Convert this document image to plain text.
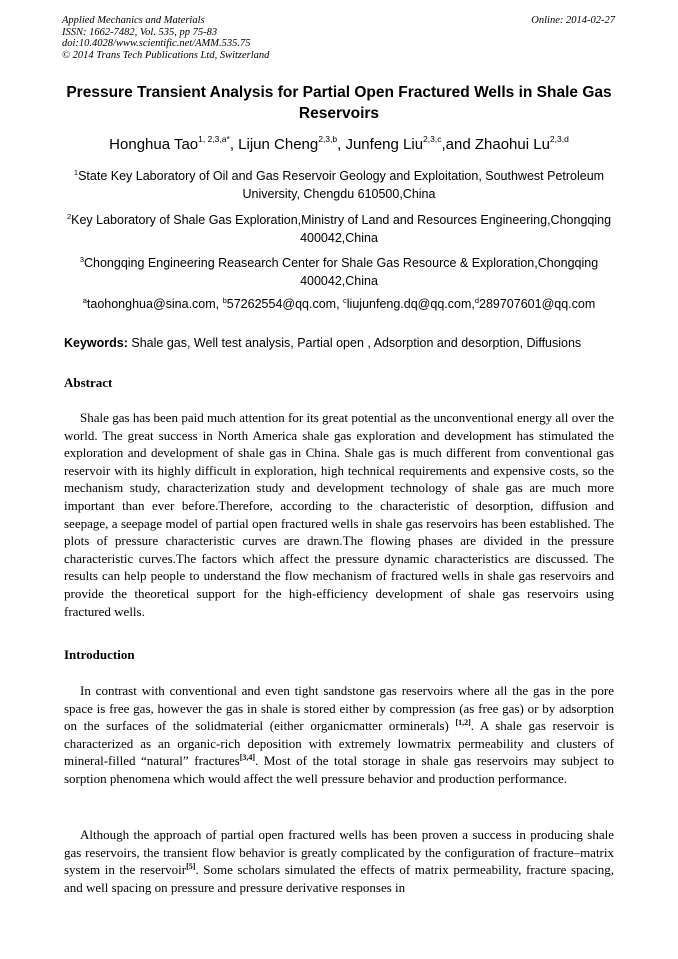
Applied Mechanics and Materials
ISSN: 1662-7482, Vol. 535, pp 75-83
doi:10.4028/www.scientific.net/AMM.535.75
© 2014 Trans Tech Publications Ltd, Switzerland
Online: 2014-02-27
Pressure Transient Analysis for Partial Open Fractured Wells in Shale Gas Reservoirs
Honghua Tao$^{1, 2,3,a*}$, Lijun Cheng$^{2,3,b}$, Junfeng Liu$^{2,3,c}$,and Zhaohui Lu$^{2,3,d}$
$^1$State Key Laboratory of Oil and Gas Reservoir Geology and Exploitation, Southwest Petroleum University, Chengdu 610500,China
$^2$Key Laboratory of Shale Gas Exploration,Ministry of Land and Resources Engineering,Chongqing 400042,China
$^3$Chongqing Engineering Reasearch Center for Shale Gas Resource & Exploration,Chongqing 400042,China
$^a$taohonghua@sina.com, $^b$57262554@qq.com, $^c$liujunfeng.dq@qq.com,$^d$289707601@qq.com
Keywords: Shale gas, Well test analysis, Partial open , Adsorption and desorption, Diffusions
Abstract
Shale gas has been paid much attention for its great potential as the unconventional energy all over the world. The great success in North America shale gas exploration and development has stimulated the exploration and development of shale gas in China. Shale gas is much different from conventional gas reservoir with its highly difficult in exploration, high technical requirements and expensive costs, so the mechanism study, characterization study and development technology of shale gas are much more important than ever before.Therefore, according to the characteristic of desorption, diffusion and seepage, a seepage model of partial open fractured wells in shale gas reservoirs has been established. The plots of pressure characteristic curves are drawn.The flowing phases are divided in the pressure characteristic curves.The factors which affect the pressure dynamic characteristics are discussed. The results can help people to understand the flow mechanism of fractured wells in shale gas reservoirs and provide the theoretical support for the high-efficiency development of shale gas reservoirs using fractured wells.
Introduction
In contrast with conventional and even tight sandstone gas reservoirs where all the gas in the pore space is free gas, however the gas in shale is stored either by compression (as free gas) or by adsorption on the surfaces of the solidmaterial (either organicmatter orminerals) [1,2]. A shale gas reservoir is characterized as an organic-rich deposition with extremely lowmatrix permeability and clusters of mineral-filled “natural” fractures[3,4]. Most of the total storage in shale gas reservoirs may subject to sorption phenomena which would affect the well pressure behavior and production performance.
Although the approach of partial open fractured wells has been proven a success in producing shale gas reservoirs, the transient flow behavior is greatly complicated by the configuration of fracture–matrix system in the reservoir[5]. Some scholars simulated the effects of matrix permeability, fracture spacing, and well spacing on pressure and pressure derivative responses in
